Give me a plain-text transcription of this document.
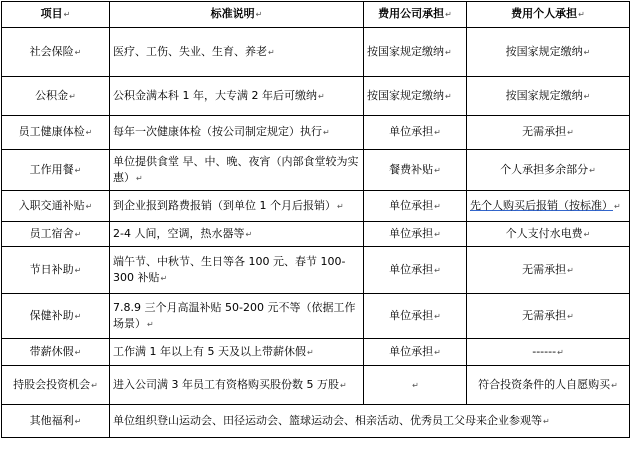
项目↵	标准说明↵	费用公司承担↵	费用个人承担↵
社会保险↵	医疗、工伤、失业、生育、养老↵	按国家规定缴纳↵	按国家规定缴纳↵
公积金↵	公积金满本科 1 年，大专满 2 年后可缴纳↵	按国家规定缴纳↵	按国家规定缴纳↵
员工健康体检↵	每年一次健康体检（按公司制定规定）执行↵	单位承担↵	无需承担↵
工作用餐↵	单位提供食堂 早、中、晚、夜宵（内部食堂较为实惠）↵	餐费补贴↵	个人承担多余部分↵
入职交通补贴↵	到企业报到路费报销（到单位 1 个月后报销）↵	单位承担↵	先个人购买后报销（按标准）↵
员工宿舍↵	2-4 人间，空调，热水器等↵	单位承担↵	个人支付水电费↵
节日补助↵	端午节、中秋节、生日等各 100 元、春节 100-300 补贴↵	单位承担↵	无需承担↵
保健补助↵	7.8.9 三个月高温补贴 50-200 元不等（依据工作场景）↵	单位承担↵	无需承担↵
带薪休假↵	工作满 1 年以上有 5 天及以上带薪休假↵	单位承担↵	------↵
持股会投资机会↵	进入公司满 3 年员工有资格购买股份数 5 万股↵	↵	符合投资条件的人自愿购买↵
其他福利↵	单位组织登山运动会、田径运动会、篮球运动会、相亲活动、优秀员工父母来企业参观等↵		
